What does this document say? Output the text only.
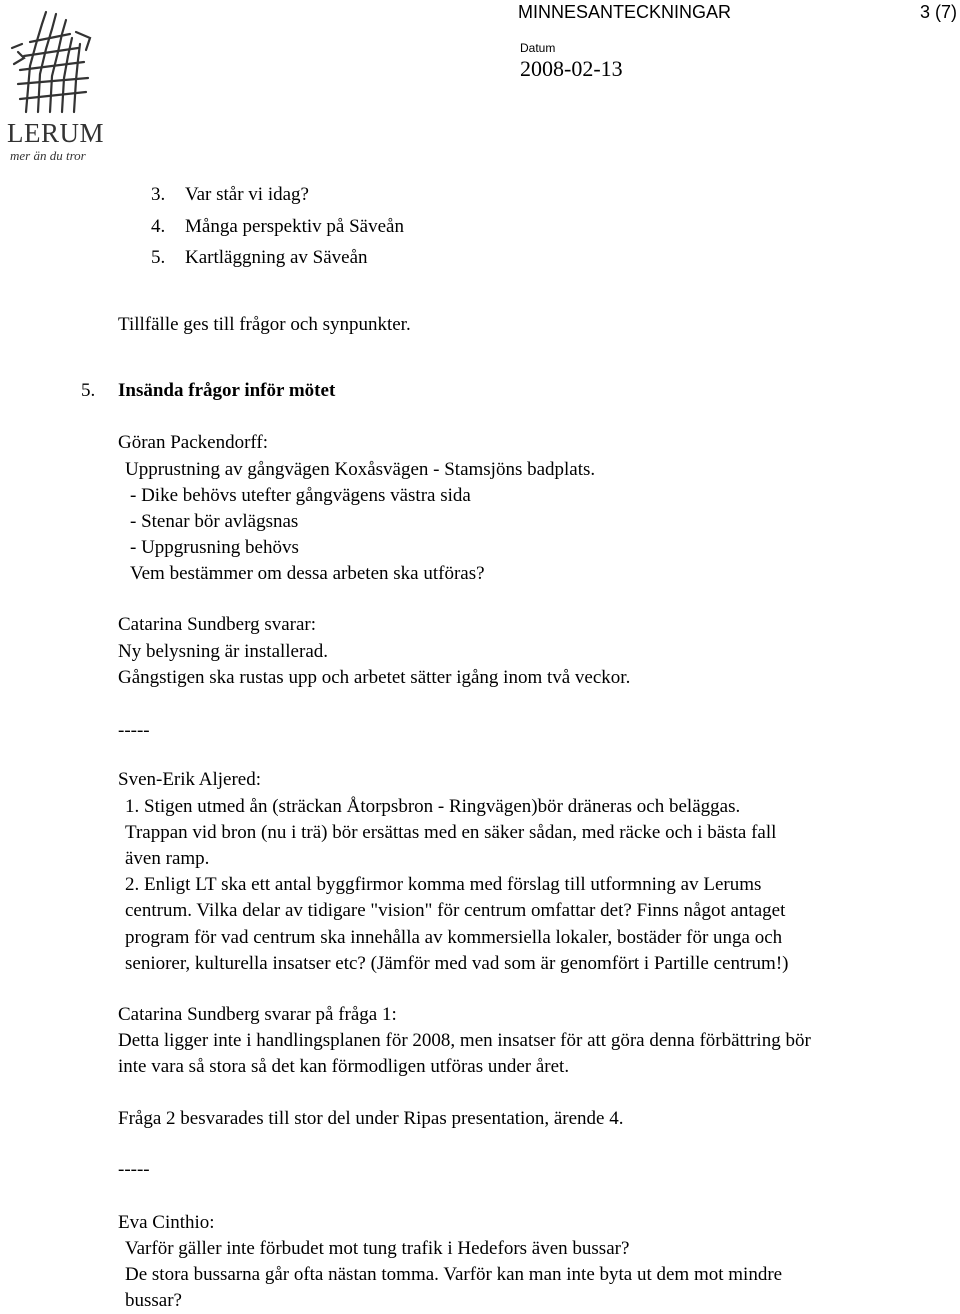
LERUM
mer än du tror
MINNESANTECKNINGAR	3 (7)
Datum
2008-02-13
3. Var står vi idag?
4. Många perspektiv på Säveån
5. Kartläggning av Säveån
Tillfälle ges till frågor och synpunkter.
5. Insända frågor inför mötet
Göran Packendorff:
Upprustning av gångvägen Koxåsvägen - Stamsjöns badplats.
- Dike behövs utefter gångvägens västra sida
- Stenar bör avlägsnas
- Uppgrusning behövs
Vem bestämmer om dessa arbeten ska utföras?
Catarina Sundberg svarar:
Ny belysning är installerad.
Gångstigen ska rustas upp och arbetet sätter igång inom två veckor.
-----
Sven-Erik Aljered:
1. Stigen utmed ån (sträckan Åtorpsbron - Ringvägen)bör dräneras och beläggas.
Trappan vid bron (nu i trä) bör ersättas med en säker sådan, med räcke och i bästa fall
även ramp.
2. Enligt LT ska ett antal byggfirmor komma med förslag till utformning av Lerums
centrum. Vilka delar av tidigare "vision" för centrum omfattar det? Finns något antaget
program för vad centrum ska innehålla av kommersiella lokaler, bostäder för unga och
seniorer, kulturella insatser etc? (Jämför med vad som är genomfört i Partille centrum!)
Catarina Sundberg svarar på fråga 1:
Detta ligger inte i handlingsplanen för 2008, men insatser för att göra denna förbättring bör
inte vara så stora så det kan förmodligen utföras under året.
Fråga 2 besvarades till stor del under Ripas presentation, ärende 4.
-----
Eva Cinthio:
Varför gäller inte förbudet mot tung trafik i Hedefors även bussar?
De stora bussarna går ofta nästan tomma. Varför kan man inte byta ut dem mot mindre
bussar?
